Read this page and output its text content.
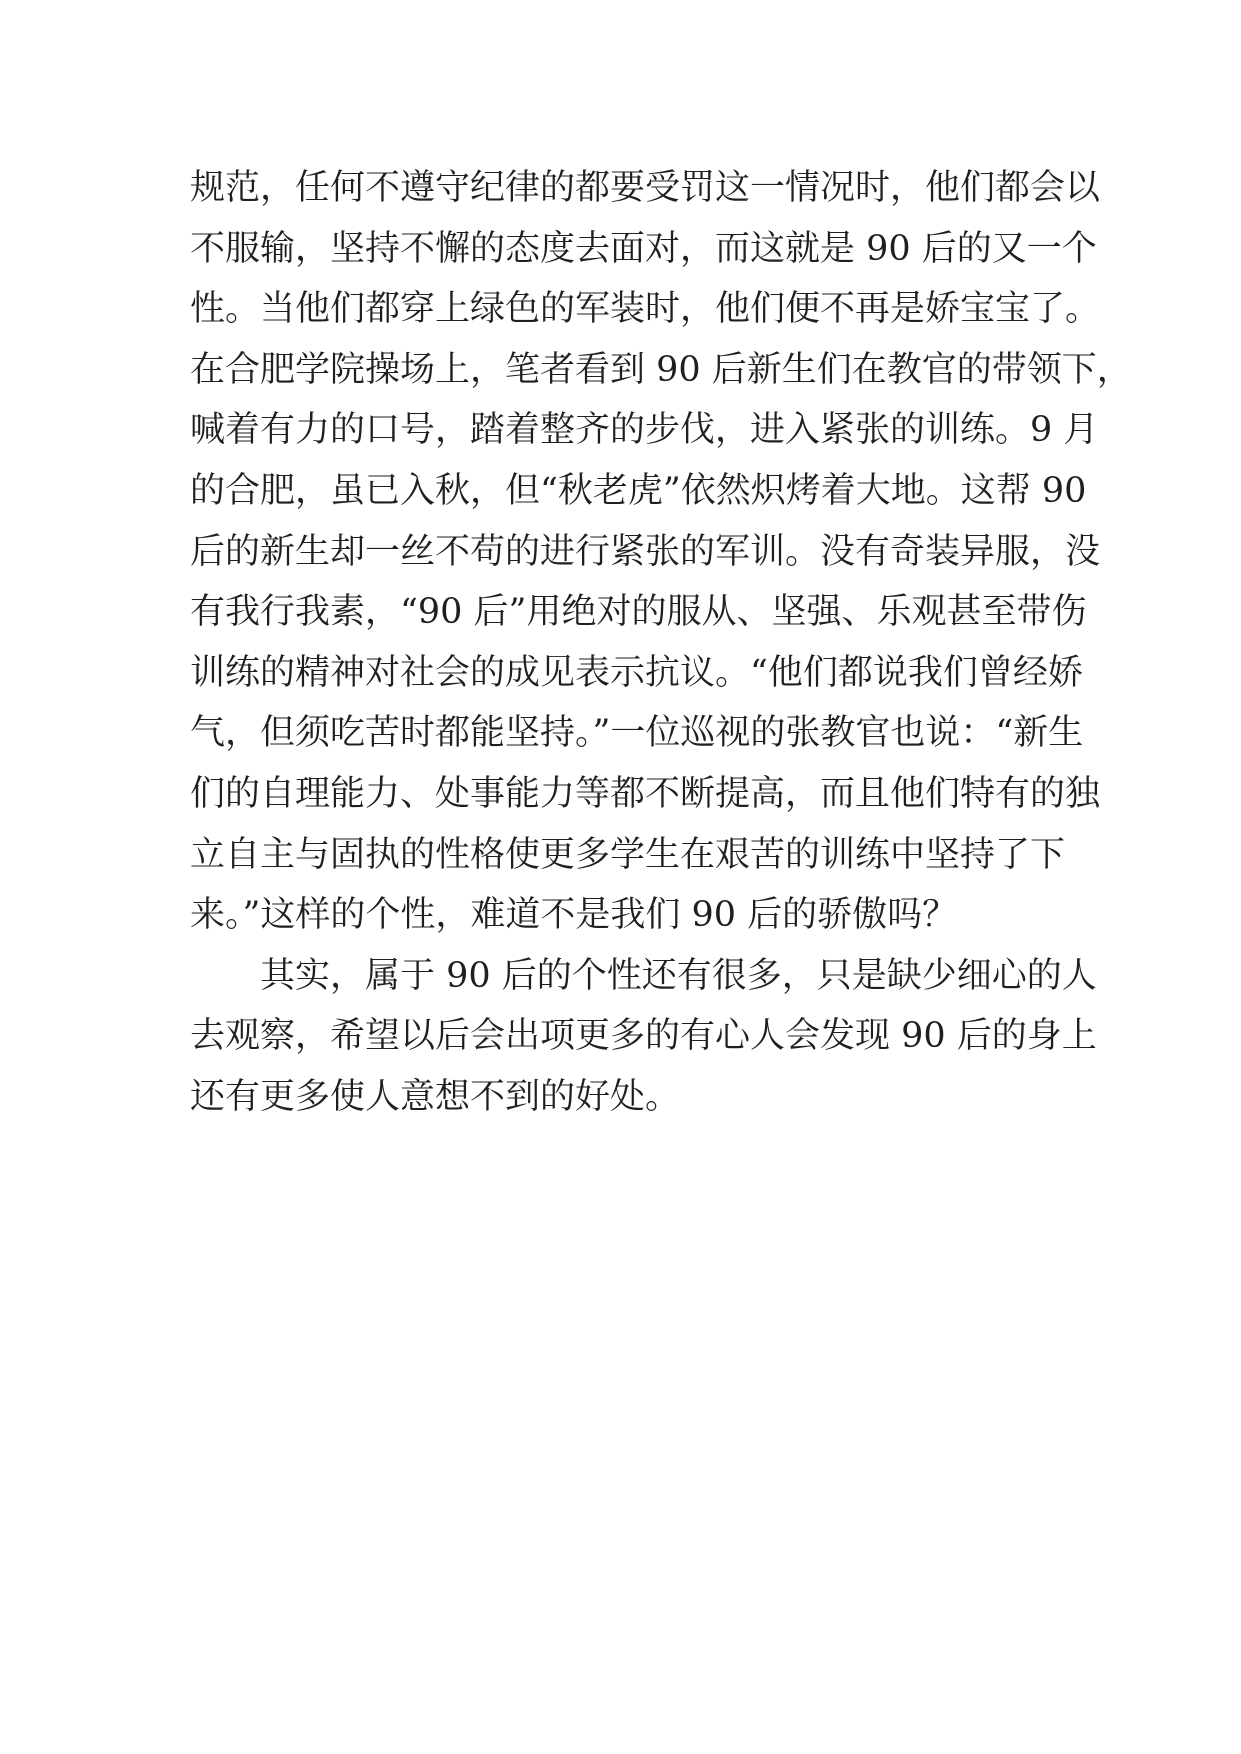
规范，任何不遵守纪律的都要受罚这一情况时，他们都会以
不服输，坚持不懈的态度去面对，而这就是 90 后的又一个
性。当他们都穿上绿色的军装时，他们便不再是娇宝宝了。
在合肥学院操场上，笔者看到 90 后新生们在教官的带领下，
喊着有力的口号，踏着整齐的步伐，进入紧张的训练。9 月
的合肥，虽已入秋，但“秋老虎”依然炽烤着大地。这帮 90
后的新生却一丝不苟的进行紧张的军训。没有奇装异服，没
有我行我素，“90 后”用绝对的服从、坚强、乐观甚至带伤
训练的精神对社会的成见表示抗议。“他们都说我们曾经娇
气，但须吃苦时都能坚持。”一位巡视的张教官也说：“新生
们的自理能力、处事能力等都不断提高，而且他们特有的独
立自主与固执的性格使更多学生在艰苦的训练中坚持了下
来。”这样的个性，难道不是我们 90 后的骄傲吗？
其实，属于 90 后的个性还有很多，只是缺少细心的人
去观察，希望以后会出项更多的有心人会发现 90 后的身上
还有更多使人意想不到的好处。
